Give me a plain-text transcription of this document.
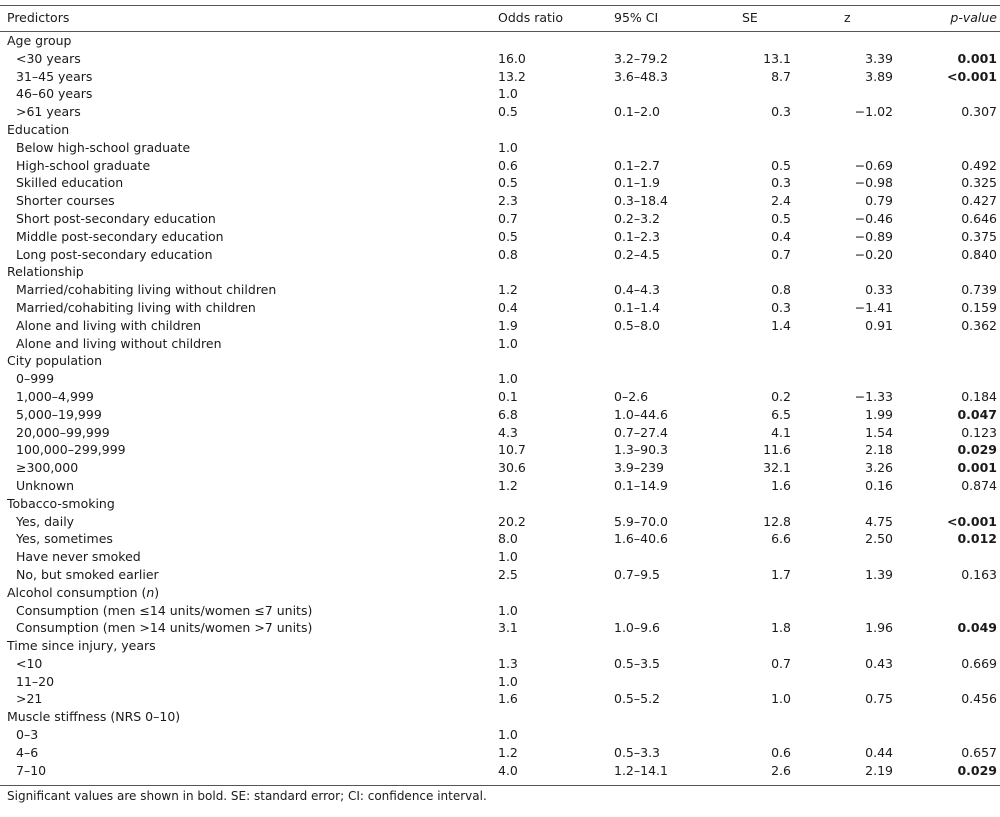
Predictors	Odds ratio	95% CI	SE	z	p-value

Age group					
<30 years	16.0	3.2–79.2	13.1	3.39	0.001
31–45 years	13.2	3.6–48.3	8.7	3.89	<0.001
46–60 years	1.0				
>61 years	0.5	0.1–2.0	0.3	−1.02	0.307
Education					
Below high-school graduate	1.0				
High-school graduate	0.6	0.1–2.7	0.5	−0.69	0.492
Skilled education	0.5	0.1–1.9	0.3	−0.98	0.325
Shorter courses	2.3	0.3–18.4	2.4	0.79	0.427
Short post-secondary education	0.7	0.2–3.2	0.5	−0.46	0.646
Middle post-secondary education	0.5	0.1–2.3	0.4	−0.89	0.375
Long post-secondary education	0.8	0.2–4.5	0.7	−0.20	0.840
Relationship					
Married/cohabiting living without children	1.2	0.4–4.3	0.8	0.33	0.739
Married/cohabiting living with children	0.4	0.1–1.4	0.3	−1.41	0.159
Alone and living with children	1.9	0.5–8.0	1.4	0.91	0.362
Alone and living without children	1.0				
City population					
0–999	1.0				
1,000–4,999	0.1	0–2.6	0.2	−1.33	0.184
5,000–19,999	6.8	1.0–44.6	6.5	1.99	0.047
20,000–99,999	4.3	0.7–27.4	4.1	1.54	0.123
100,000–299,999	10.7	1.3–90.3	11.6	2.18	0.029
≥300,000	30.6	3.9–239	32.1	3.26	0.001
Unknown	1.2	0.1–14.9	1.6	0.16	0.874
Tobacco-smoking					
Yes, daily	20.2	5.9–70.0	12.8	4.75	<0.001
Yes, sometimes	8.0	1.6–40.6	6.6	2.50	0.012
Have never smoked	1.0				
No, but smoked earlier	2.5	0.7–9.5	1.7	1.39	0.163
Alcohol consumption (n)					
Consumption (men ≤14 units/women ≤7 units)	1.0				
Consumption (men >14 units/women >7 units)	3.1	1.0–9.6	1.8	1.96	0.049
Time since injury, years					
<10	1.3	0.5–3.5	0.7	0.43	0.669
11–20	1.0				
>21	1.6	0.5–5.2	1.0	0.75	0.456
Muscle stiffness (NRS 0–10)					
0–3	1.0				
4–6	1.2	0.5–3.3	0.6	0.44	0.657
7–10	4.0	1.2–14.1	2.6	2.19	0.029
Significant values are shown in bold. SE: standard error; CI: confidence interval.
